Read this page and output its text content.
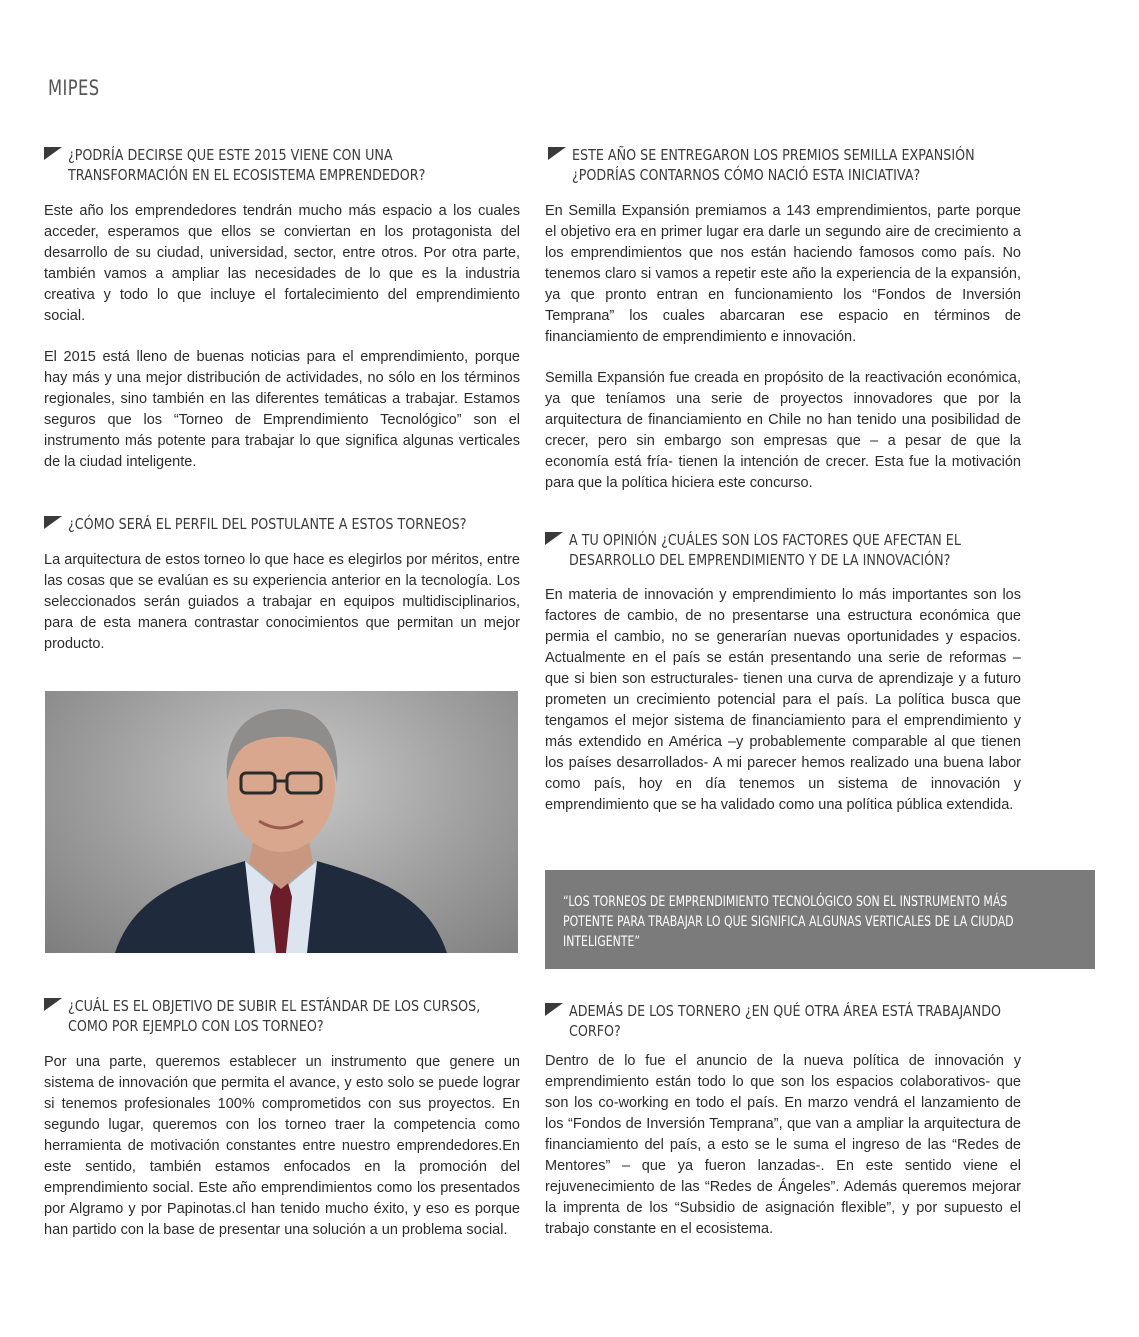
MIPES
¿PODRÍA DECIRSE QUE ESTE 2015 VIENE CON UNA TRANSFORMACIÓN EN EL ECOSISTEMA EMPRENDEDOR?
Este año los emprendedores tendrán mucho más espacio a los cuales acceder, esperamos que ellos se conviertan en los protagonista del desarrollo de su ciudad, universidad, sector, entre otros. Por otra parte, también vamos a ampliar las necesidades de lo que es la industria creativa y todo lo que incluye el fortalecimiento del emprendimiento social.
El 2015 está lleno de buenas noticias para el emprendimiento, porque hay más y una mejor distribución de actividades, no sólo en los términos regionales, sino también en las diferentes temáticas a trabajar. Estamos seguros que los “Torneo de Emprendimiento Tecnológico” son el instrumento más potente para trabajar lo que significa algunas verticales de la ciudad inteligente.
¿CÓMO SERÁ EL PERFIL DEL POSTULANTE A ESTOS TORNEOS?
La arquitectura de estos torneo lo que hace es elegirlos por méritos, entre las cosas que se evalúan es su experiencia anterior en la tecnología. Los seleccionados serán guiados a trabajar en equipos multidisciplinarios, para de esta manera contrastar conocimientos que permitan un mejor producto.
¿CUÁL ES EL OBJETIVO DE SUBIR EL ESTÁNDAR DE LOS CURSOS, COMO POR EJEMPLO CON LOS TORNEO?
Por una parte, queremos establecer un instrumento que genere un sistema de innovación que permita el avance, y esto solo se puede lograr si tenemos profesionales 100% comprometidos con sus proyectos. En segundo lugar, queremos con los torneo traer la competencia como herramienta de motivación constantes entre nuestro emprendedores.En este sentido, también estamos enfocados en la promoción del emprendimiento social. Este año emprendimientos como los presentados por Algramo y por Papinotas.cl han tenido mucho éxito, y eso es porque han partido con la base de presentar una solución a un problema social.
ESTE AÑO SE ENTREGARON LOS PREMIOS SEMILLA EXPANSIÓN ¿PODRÍAS CONTARNOS CÓMO NACIÓ ESTA INICIATIVA?
En Semilla Expansión premiamos a 143 emprendimientos, parte porque el objetivo era en primer lugar era darle un segundo aire de crecimiento a los emprendimientos que nos están haciendo famosos como país. No tenemos claro si vamos a repetir este año la experiencia de la expansión, ya que pronto entran en funcionamiento los “Fondos de Inversión Temprana” los cuales abarcaran ese espacio en términos de financiamiento de emprendimiento e innovación.
Semilla Expansión fue creada en propósito de la reactivación económica, ya que teníamos una serie de proyectos innovadores que por la arquitectura de financiamiento en Chile no han tenido una posibilidad de crecer, pero sin embargo son empresas que – a pesar de que la economía está fría- tienen la intención de crecer. Esta fue la motivación para que la política hiciera este concurso.
A TU OPINIÓN ¿CUÁLES SON LOS FACTORES QUE AFECTAN EL DESARROLLO DEL EMPRENDIMIENTO Y DE LA INNOVACIÓN?
En materia de innovación y emprendimiento lo más importantes son los factores de cambio, de no presentarse una estructura económica que permia el cambio, no se generarían nuevas oportunidades y espacios. Actualmente en el país se están presentando una serie de reformas – que si bien son estructurales- tienen una curva de aprendizaje y a futuro prometen un crecimiento potencial para el país. La política busca que tengamos el mejor sistema de financiamiento para el emprendimiento y más extendido en América –y probablemente comparable al que tienen los países desarrollados- A mi parecer hemos realizado una buena labor como país, hoy en día tenemos un sistema de innovación y emprendimiento que se ha validado como una política pública extendida.
“LOS TORNEOS DE EMPRENDIMIENTO TECNOLÓGICO SON EL INSTRUMENTO MÁS POTENTE PARA TRABAJAR LO QUE SIGNIFICA ALGUNAS VERTICALES DE LA CIUDAD INTELIGENTE”
ADEMÁS DE LOS TORNERO ¿EN QUÉ OTRA ÁREA ESTÁ TRABAJANDO CORFO?
Dentro de lo fue el anuncio de la nueva política de innovación y emprendimiento están todo lo que son los espacios colaborativos- que son los co-working en todo el país. En marzo vendrá el lanzamiento de los “Fondos de Inversión Temprana”, que van a ampliar la arquitectura de financiamiento del país, a esto se le suma el ingreso de las “Redes de Mentores” – que ya fueron lanzadas-. En este sentido viene el rejuvenecimiento de las “Redes de Ángeles”. Además queremos mejorar la imprenta de los “Subsidio de asignación flexible”, y por supuesto el trabajo constante en el ecosistema.
